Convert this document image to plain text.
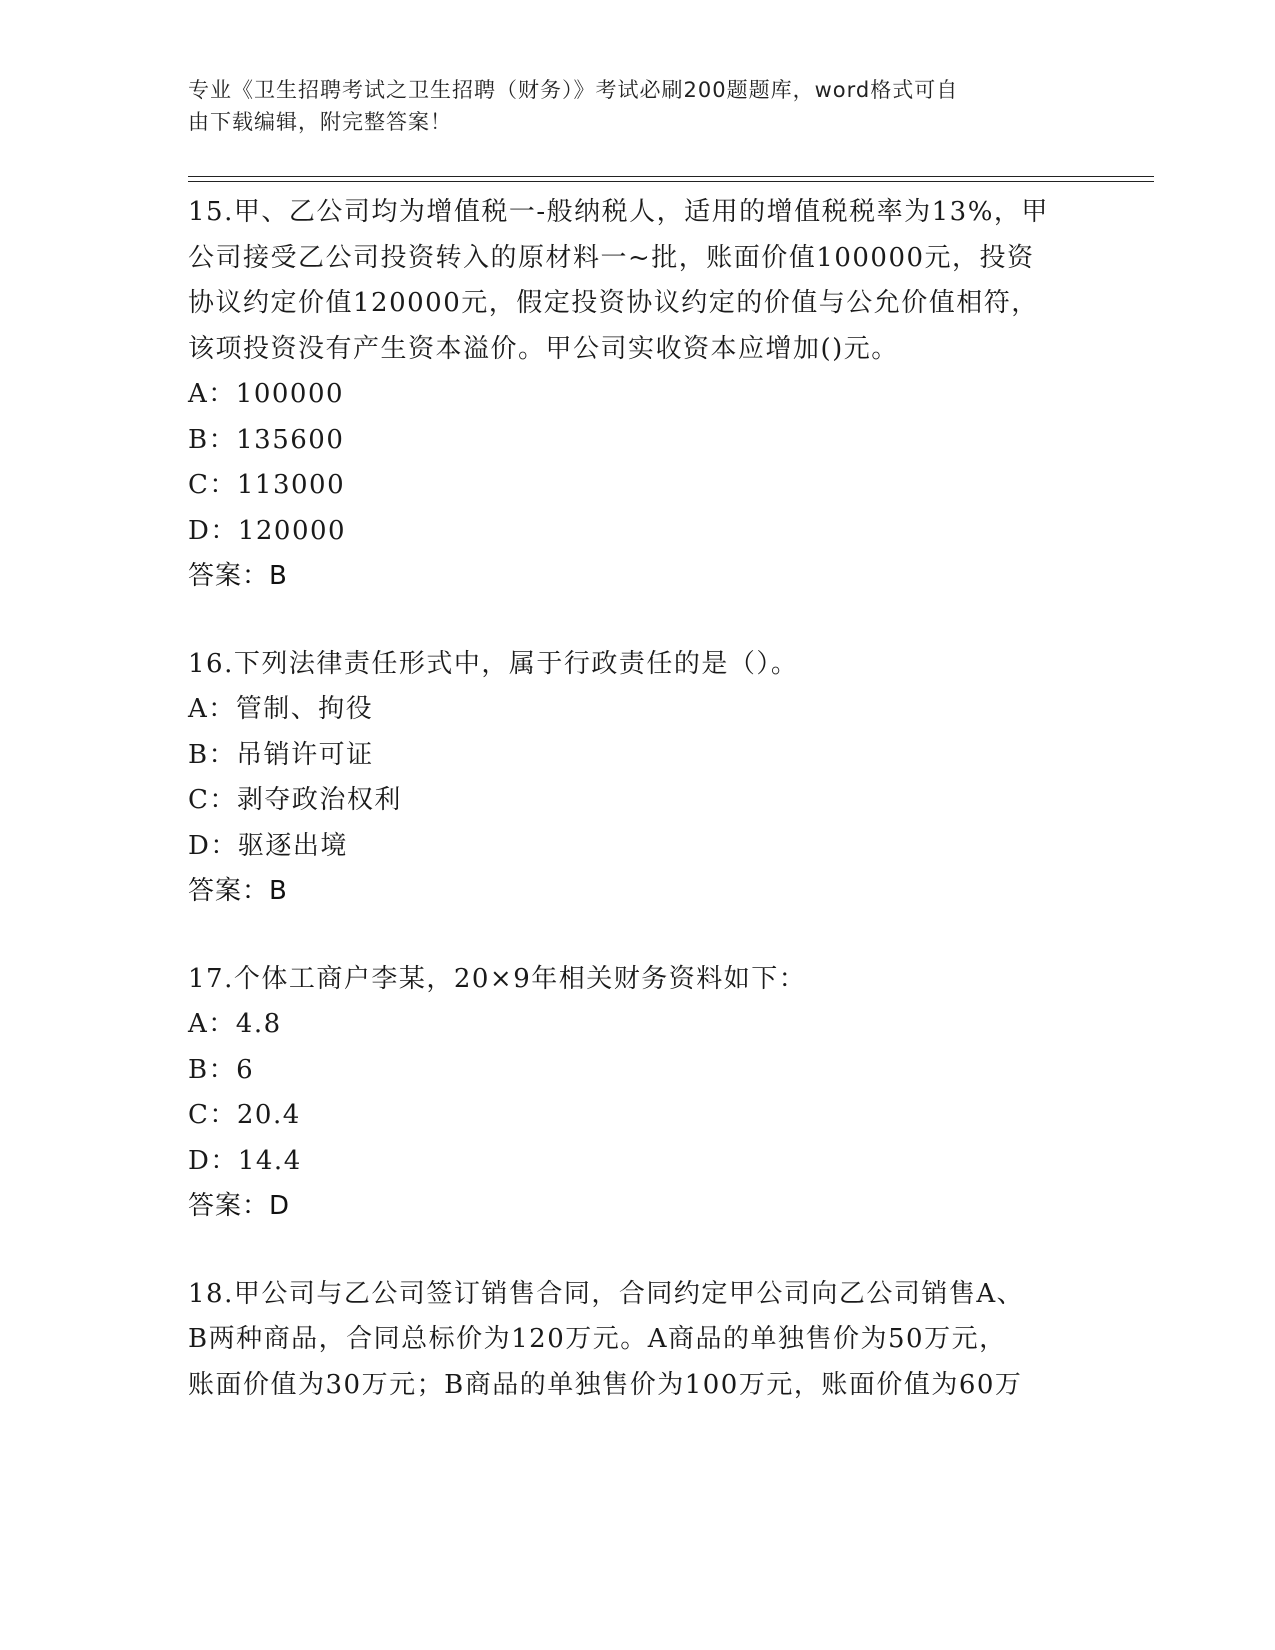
专业《卫生招聘考试之卫生招聘（财务）》考试必刷200题题库，word格式可自
由下载编辑，附完整答案！
15.甲、乙公司均为增值税一-般纳税人，适用的增值税税率为13%，甲
公司接受乙公司投资转入的原材料一~批，账面价值100000元，投资
协议约定价值120000元，假定投资协议约定的价值与公允价值相符，
该项投资没有产生资本溢价。甲公司实收资本应增加()元。
A：100000
B：135600
C：113000
D：120000
答案：B
16.下列法律责任形式中，属于行政责任的是（）。
A：管制、拘役
B：吊销许可证
C：剥夺政治权利
D：驱逐出境
答案：B
17.个体工商户李某，20×9年相关财务资料如下：
A：4.8
B：6
C：20.4
D：14.4
答案：D
18.甲公司与乙公司签订销售合同，合同约定甲公司向乙公司销售A、
B两种商品，合同总标价为120万元。A商品的单独售价为50万元，
账面价值为30万元；B商品的单独售价为100万元，账面价值为60万
